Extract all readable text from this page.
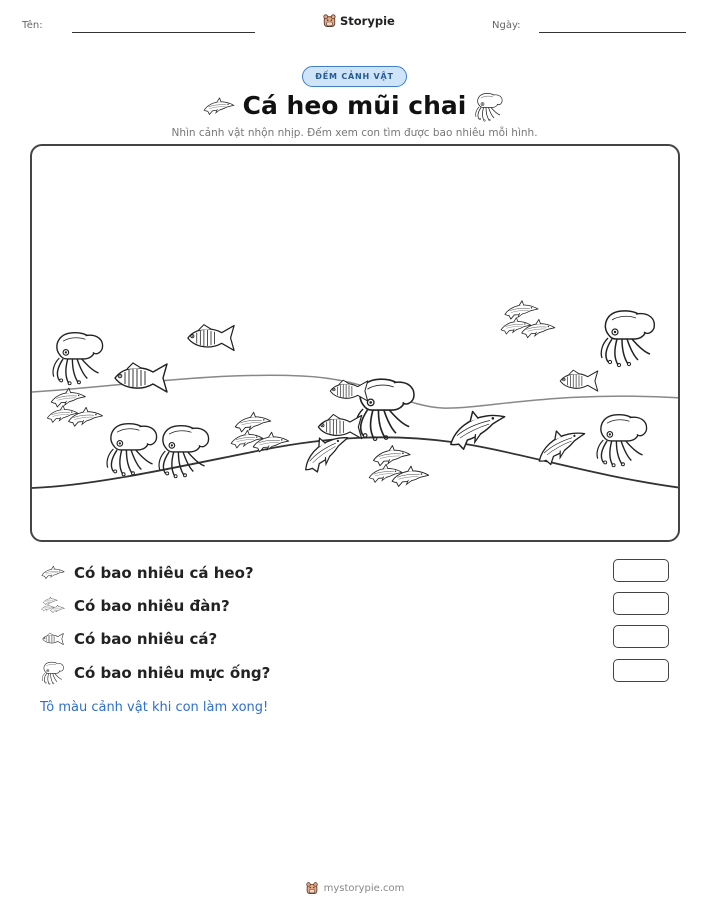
Tên:	Storypie	Ngày:
ĐẾM CẢNH VẬT
Cá heo mũi chai
Nhìn cảnh vật nhộn nhịp. Đếm xem con tìm được bao nhiêu mỗi hình.
Có bao nhiêu cá heo?
Có bao nhiêu đàn?
Có bao nhiêu cá?
Có bao nhiêu mực ống?
Tô màu cảnh vật khi con làm xong!
mystorypie.com
